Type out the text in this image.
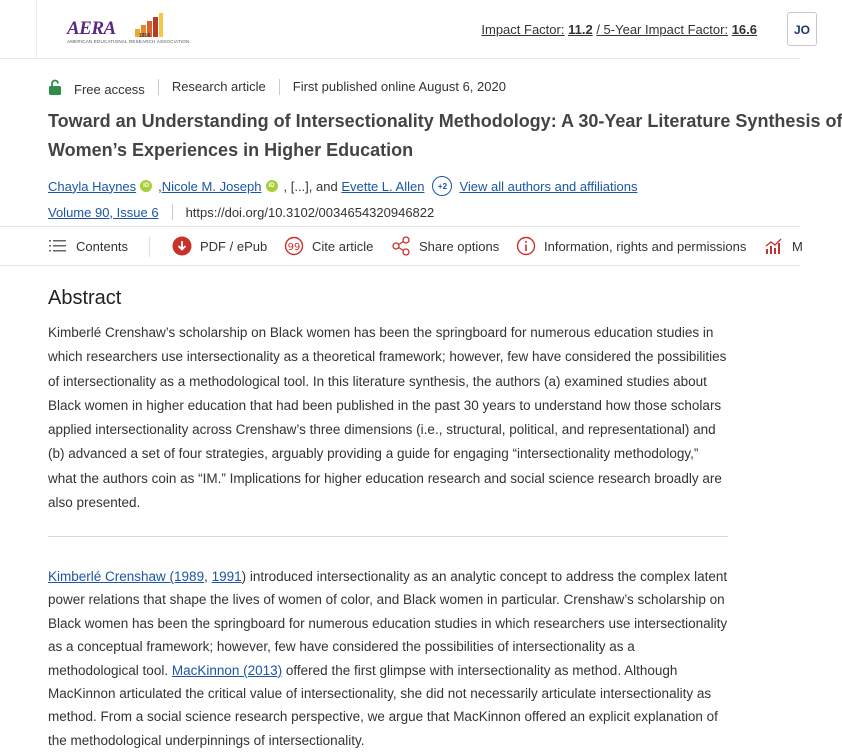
AERA	1916
AMERICAN EDUCATIONAL RESEARCH ASSOCIATION
Impact Factor: 11.2 / 5-Year Impact Factor: 16.6	JO
Free access Research article First published online August 6, 2020
Toward an Understanding of Intersectionality Methodology: A 30-Year Literature Synthesis of
Women’s Experiences in Higher Education
Chayla Haynes	iD , Nicole M. Joseph	iD , [...], and
Evette L. Allen	+2 View all authors and affiliations
Volume 90, Issue 6 https://doi.org/10.3102/0034654320946822
Contents	PDF / ePub 99 Cite article	Share options	Information, rights and permissions	M
Abstract

Kimberlé Crenshaw’s scholarship on Black women has been the springboard for numerous education studies in which researchers use intersectionality as a theoretical framework; however, few have considered the possibilities of intersectionality as a methodological tool. In this literature synthesis, the authors (a) examined studies about Black women in higher education that had been published in the past 30 years to understand how those scholars applied intersectionality across Crenshaw’s three dimensions (i.e., structural, political, and representational) and (b) advanced a set of four strategies, arguably providing a guide for engaging “intersectionality methodology,” what the authors coin as “IM.” Implications for higher education research and social science research broadly are also presented.

Kimberlé Crenshaw (1989, 1991) introduced intersectionality as an analytic concept to address the complex latent power relations that shape the lives of women of color, and Black women in particular. Crenshaw’s scholarship on Black women has been the springboard for numerous education studies in which researchers use intersectionality as a conceptual framework; however, few have considered the possibilities of intersectionality as a methodological tool. MacKinnon (2013) offered the first glimpse with intersectionality as method. Although MacKinnon articulated the critical value of intersectionality, she did not necessarily articulate intersectionality as method. From a social science research perspective, we argue that MacKinnon offered an explicit explanation of the methodological underpinnings of intersectionality.
